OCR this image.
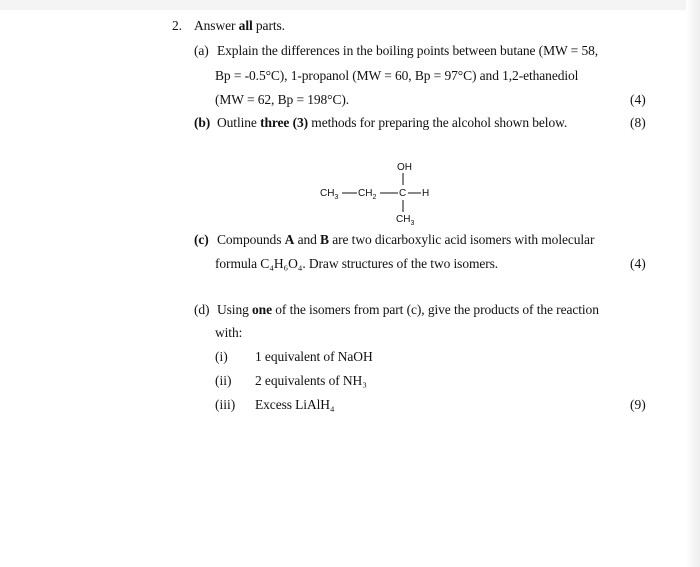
2. Answer all parts.
(a) Explain the differences in the boiling points between butane (MW = 58,
Bp = -0.5°C), 1-propanol (MW = 60, Bp = 97°C) and 1,2-ethanediol
(MW = 62, Bp = 198°C).	(4)
(b) Outline three (3) methods for preparing the alcohol shown below.	(8)
OH
$CH_3$ $CH_2$ C H
$CH_3$
(c) Compounds A and B are two dicarboxylic acid isomers with molecular
formula C₄H₆O₄. Draw structures of the two isomers.	(4)
(d) Using one of the isomers from part (c), give the products of the reaction
with:
(i) 1 equivalent of NaOH
(ii) 2 equivalents of NH₃
(iii) Excess LiAlH₄	(9)
